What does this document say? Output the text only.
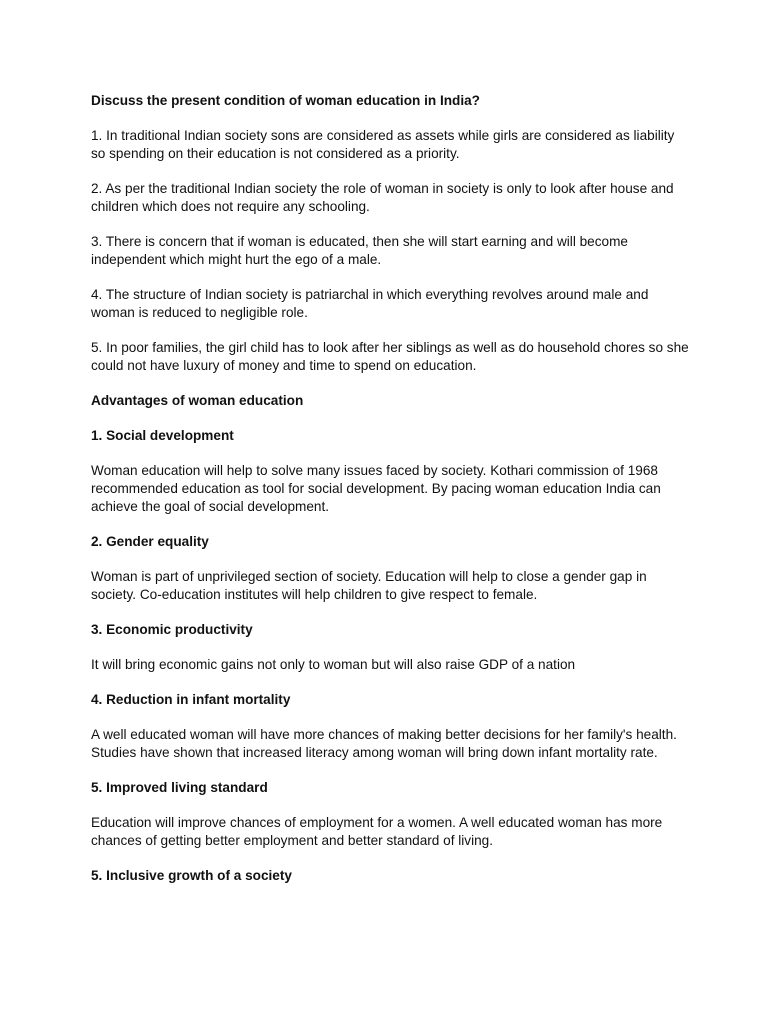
Discuss the present condition of woman education in India?

1. In traditional Indian society sons are considered as assets while girls are considered as liability so spending on their education is not considered as a priority.

2. As per the traditional Indian society the role of woman in society is only to look after house and children which does not require any schooling.

3. There is concern that if woman is educated, then she will start earning and will become independent which might hurt the ego of a male.

4. The structure of Indian society is patriarchal in which everything revolves around male and woman is reduced to negligible role.

5. In poor families, the girl child has to look after her siblings as well as do household chores so she could not have luxury of money and time to spend on education.

Advantages of woman education

1. Social development

Woman education will help to solve many issues faced by society. Kothari commission of 1968 recommended education as tool for social development. By pacing woman education India can achieve the goal of social development.

2. Gender equality

Woman is part of unprivileged section of society. Education will help to close a gender gap in society. Co-education institutes will help children to give respect to female.

3. Economic productivity

It will bring economic gains not only to woman but will also raise GDP of a nation

4. Reduction in infant mortality

A well educated woman will have more chances of making better decisions for her family's health. Studies have shown that increased literacy among woman will bring down infant mortality rate.

5. Improved living standard

Education will improve chances of employment for a women. A well educated woman has more chances of getting better employment and better standard of living.

5. Inclusive growth of a society
